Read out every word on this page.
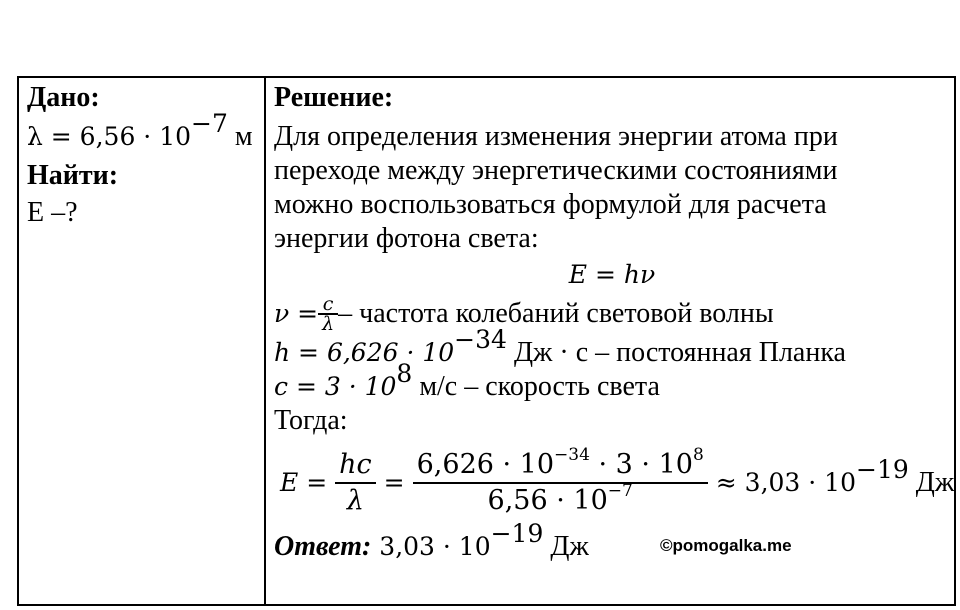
Дано:
$\lambda = 6,56 \cdot 10^{-7}$ м
Найти:
E –?
Решение:
Для определения изменения энергии атома при
переходе между энергетическими состояниями
можно воспользоваться формулой для расчета
энергии фотона света:
E = hν
$\nu = \frac{c}{\lambda}$ – частота колебаний световой волны
$h = 6,626 \cdot 10^{-34}$ Дж · с – постоянная Планка
$c = 3 \cdot 10^8$ м/с – скорость света
Тогда:
$E = \frac{hc}{\lambda} = \frac{6,626 \cdot 10^{-34} \cdot 3 \cdot 10^8}{6,56 \cdot 10^{-7}} \approx 3,03 \cdot 10^{-19}$ Дж
Ответ: $3,03 \cdot 10^{-19}$ Дж	©pomogalka.me
